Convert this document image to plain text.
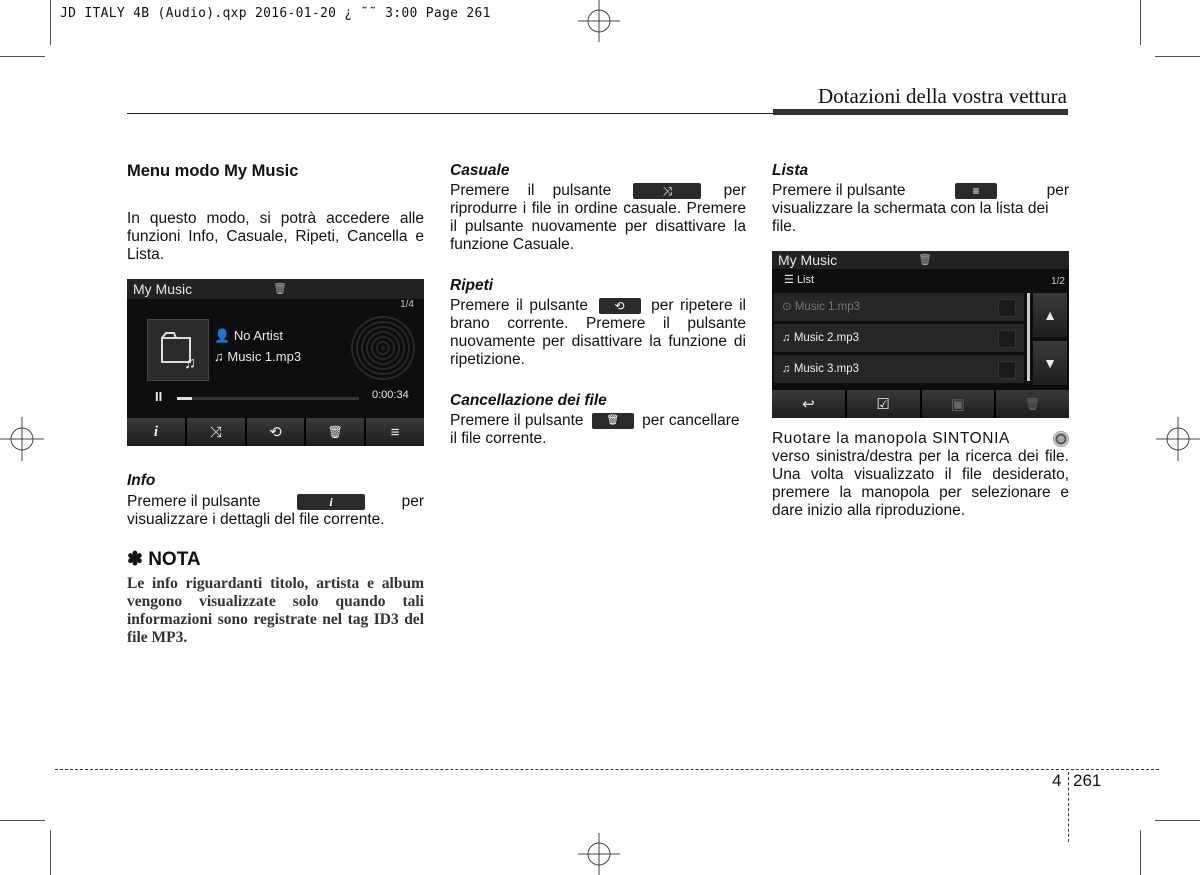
JD ITALY 4B (Audio).qxp 2016-01-20 ¿ ˜˜ 3:00 Page 261
Dotazioni della vostra vettura
Menu modo My Music
In questo modo, si potrà accedere alle funzioni Info, Casuale, Ripeti, Cancella e Lista.
My Music	🗑
1/4
♫
👤 No Artist
♫ Music 1.mp3
II	0:00:34
i	⤨	⟲	🗑	≡
Info
Premere il pulsante	i	per
visualizzare i dettagli del file corrente.
✽ NOTA
Le info riguardanti titolo, artista e album vengono visualizzate solo quando tali informazioni sono registrate nel tag ID3 del file MP3.
Casuale
Premere il pulsante	⤨	per riprodurre i file in ordine casuale. Premere il pulsante nuovamente per disattivare la funzione Casuale.
Ripeti
Premere il pulsante ⟲ per ripetere il brano corrente. Premere il pulsante nuovamente per disattivare la funzione di ripetizione.
Cancellazione dei file
Premere il pulsante 🗑 per cancellare il file corrente.
Lista
Premere il pulsante	≡	per
visualizzare la schermata con la lista dei file.
My Music	🗑
☰ List	1/2
⊙ Music 1.mp3
♫ Music 2.mp3
♫ Music 3.mp3
▲
▼
↩	☑	▣	🗑
Ruotare la manopola SINTONIA
verso sinistra/destra per la ricerca dei file. Una volta visualizzato il file desiderato, premere la manopola per selezionare e dare inizio alla riproduzione.
4 261
